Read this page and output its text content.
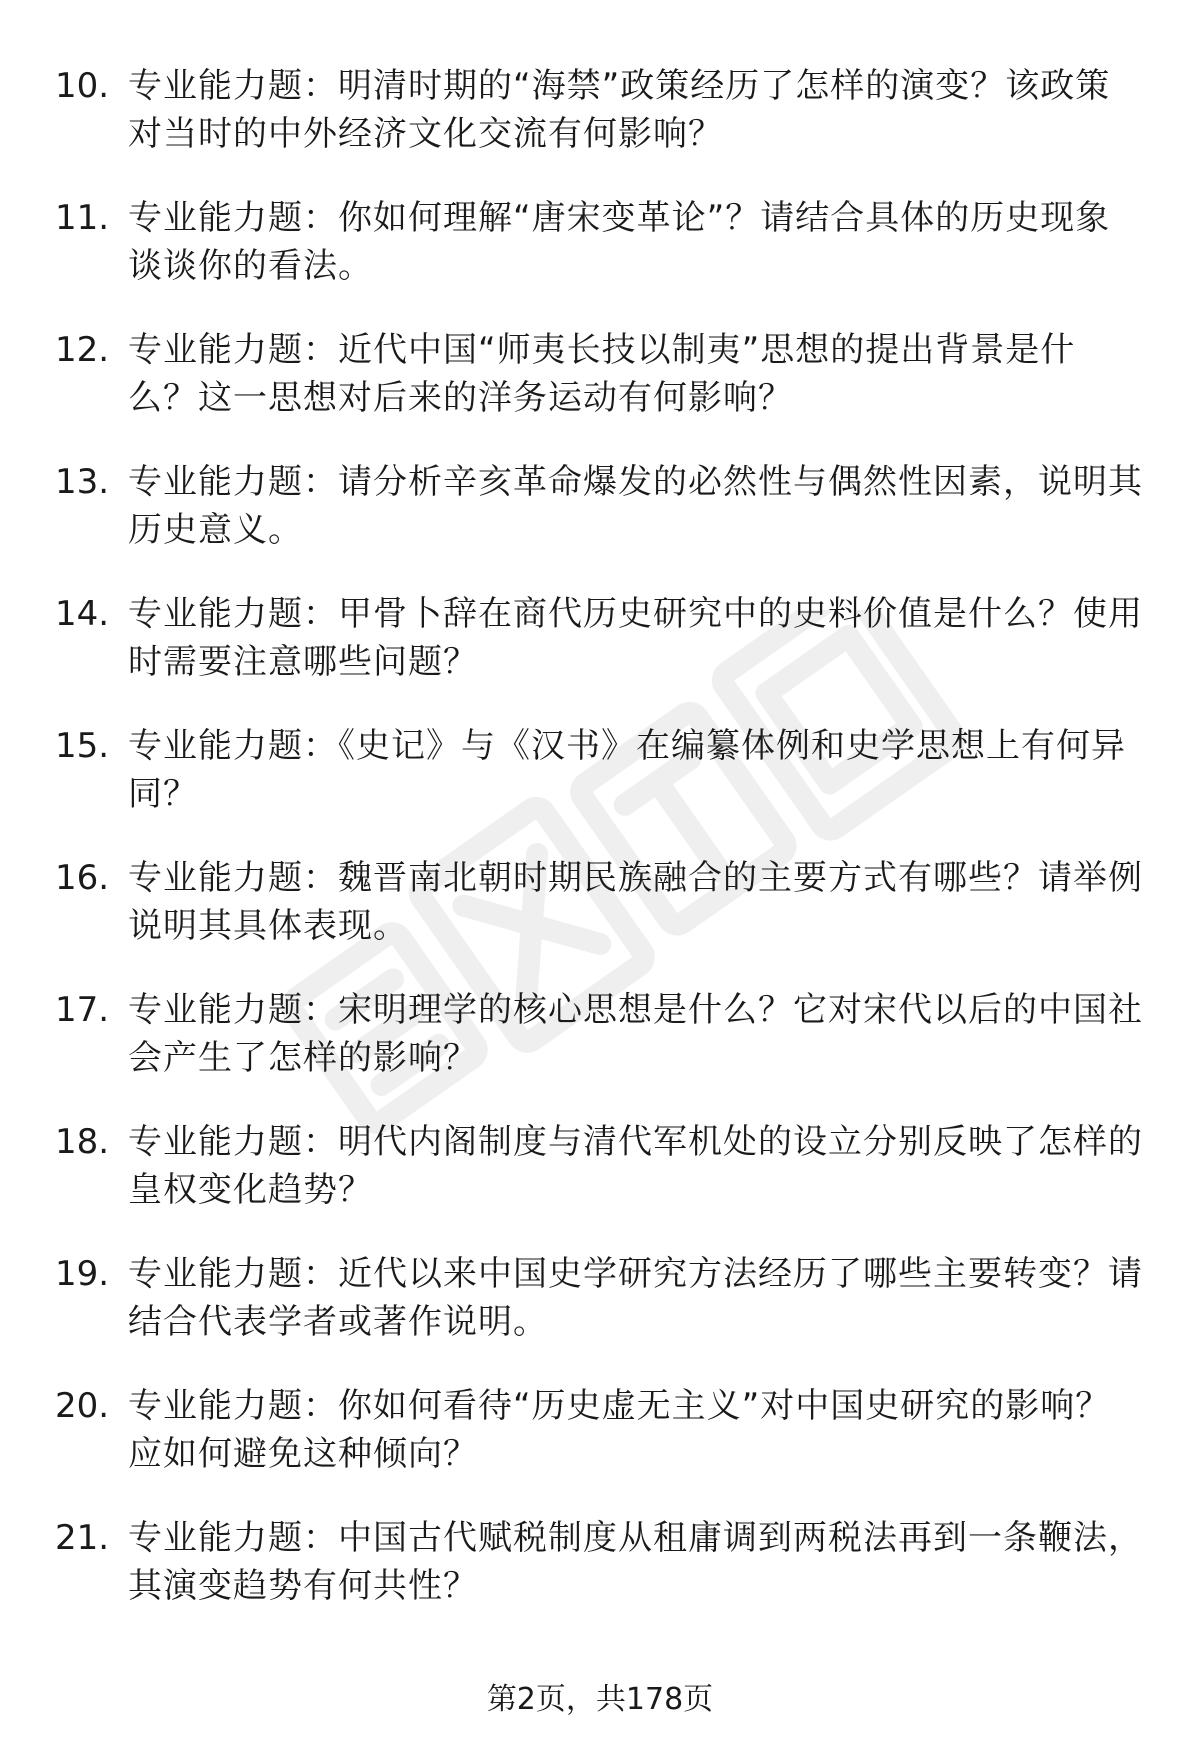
10. 专业能力题：明清时期的“海禁”政策经历了怎样的演变？该政策对当时的中外经济文化交流有何影响？
11. 专业能力题：你如何理解“唐宋变革论”？请结合具体的历史现象谈谈你的看法。
12. 专业能力题：近代中国“师夷长技以制夷”思想的提出背景是什么？这一思想对后来的洋务运动有何影响？
13. 专业能力题：请分析辛亥革命爆发的必然性与偶然性因素，说明其历史意义。
14. 专业能力题：甲骨卜辞在商代历史研究中的史料价值是什么？使用时需要注意哪些问题？
15. 专业能力题：《史记》与《汉书》在编纂体例和史学思想上有何异同？
16. 专业能力题：魏晋南北朝时期民族融合的主要方式有哪些？请举例说明其具体表现。
17. 专业能力题：宋明理学的核心思想是什么？它对宋代以后的中国社会产生了怎样的影响？
18. 专业能力题：明代内阁制度与清代军机处的设立分别反映了怎样的皇权变化趋势？
19. 专业能力题：近代以来中国史学研究方法经历了哪些主要转变？请结合代表学者或著作说明。
20. 专业能力题：你如何看待“历史虚无主义”对中国史研究的影响？应如何避免这种倾向？
21. 专业能力题：中国古代赋税制度从租庸调到两税法再到一条鞭法，其演变趋势有何共性？
第2页，共178页
